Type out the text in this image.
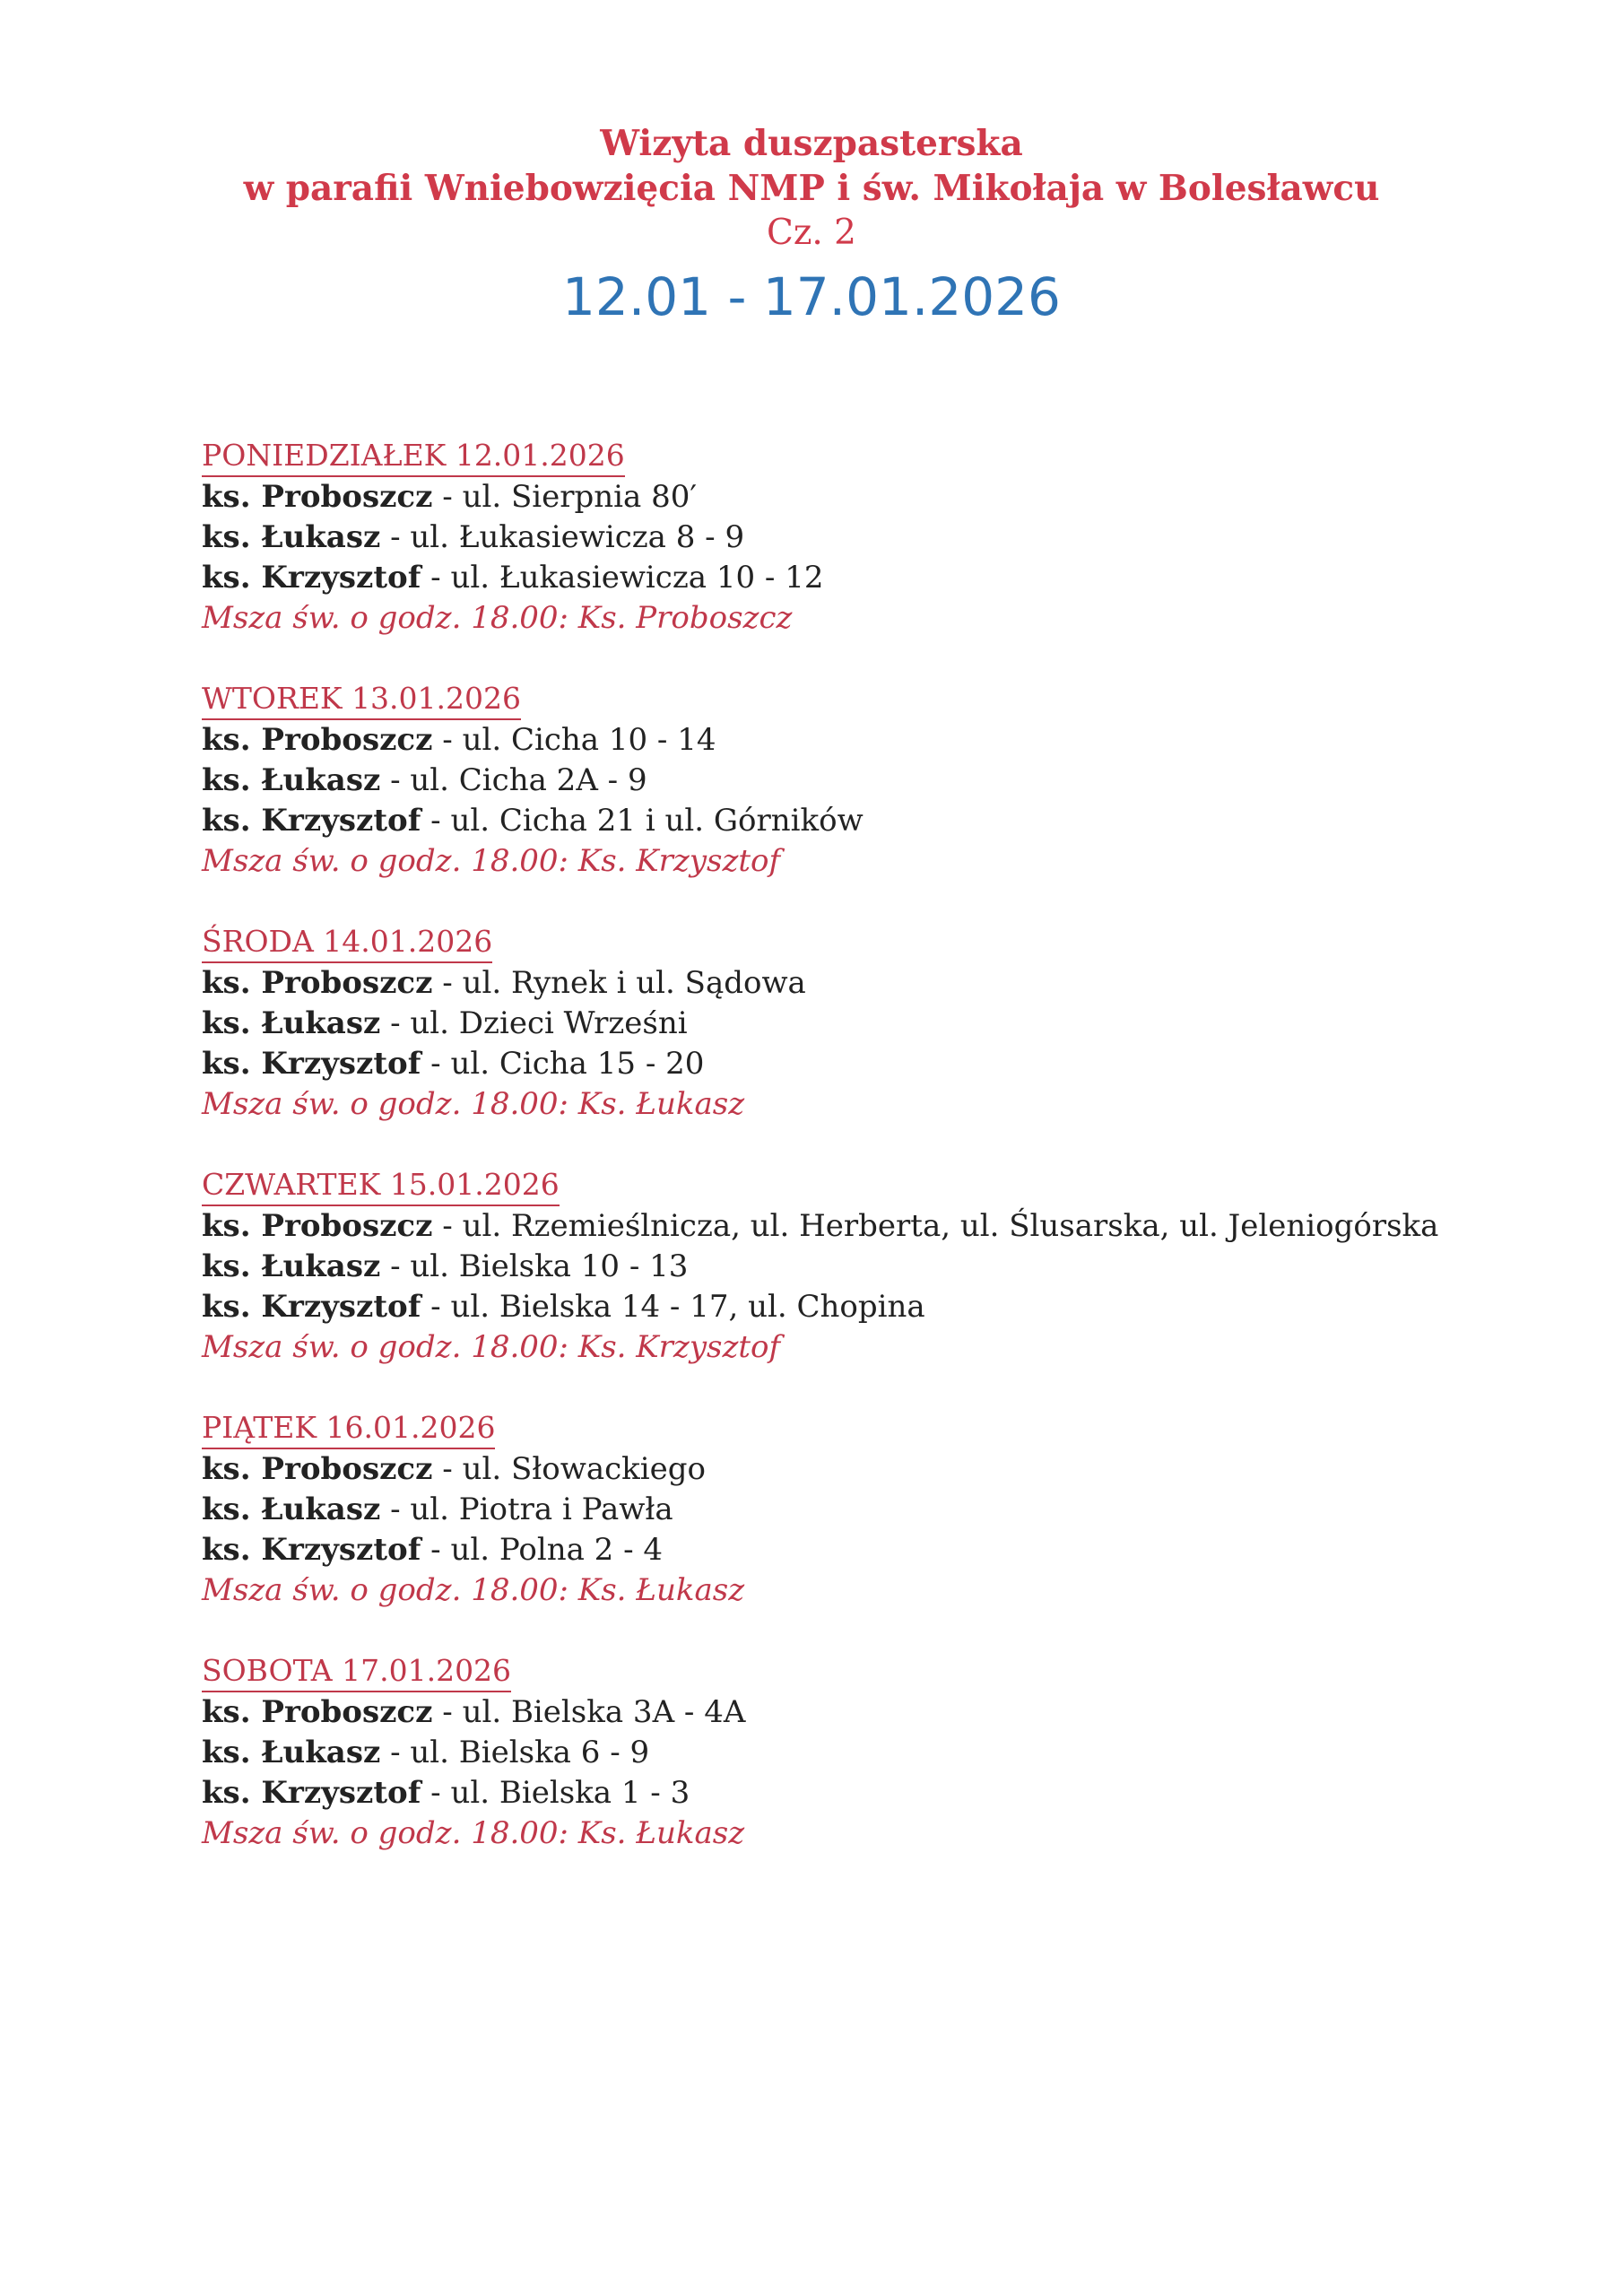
Wizyta duszpasterska
w parafii Wniebowzięcia NMP i św. Mikołaja w Bolesławcu
Cz. 2
12.01 - 17.01.2026
PONIEDZIAŁEK 12.01.2026
ks. Proboszcz - ul. Sierpnia 80′
ks. Łukasz - ul. Łukasiewicza 8 - 9
ks. Krzysztof - ul. Łukasiewicza 10 - 12
Msza św. o godz. 18.00: Ks. Proboszcz
WTOREK 13.01.2026
ks. Proboszcz - ul. Cicha 10 - 14
ks. Łukasz - ul. Cicha 2A - 9
ks. Krzysztof - ul. Cicha 21 i ul. Górników
Msza św. o godz. 18.00: Ks. Krzysztof
ŚRODA 14.01.2026
ks. Proboszcz - ul. Rynek i ul. Sądowa
ks. Łukasz - ul. Dzieci Wrześni
ks. Krzysztof - ul. Cicha 15 - 20
Msza św. o godz. 18.00: Ks. Łukasz
CZWARTEK 15.01.2026
ks. Proboszcz - ul. Rzemieślnicza, ul. Herberta, ul. Ślusarska, ul. Jeleniogórska
ks. Łukasz - ul. Bielska 10 - 13
ks. Krzysztof - ul. Bielska 14 - 17, ul. Chopina
Msza św. o godz. 18.00: Ks. Krzysztof
PIĄTEK 16.01.2026
ks. Proboszcz - ul. Słowackiego
ks. Łukasz - ul. Piotra i Pawła
ks. Krzysztof - ul. Polna 2 - 4
Msza św. o godz. 18.00: Ks. Łukasz
SOBOTA 17.01.2026
ks. Proboszcz - ul. Bielska 3A - 4A
ks. Łukasz - ul. Bielska 6 - 9
ks. Krzysztof - ul. Bielska 1 - 3
Msza św. o godz. 18.00: Ks. Łukasz
